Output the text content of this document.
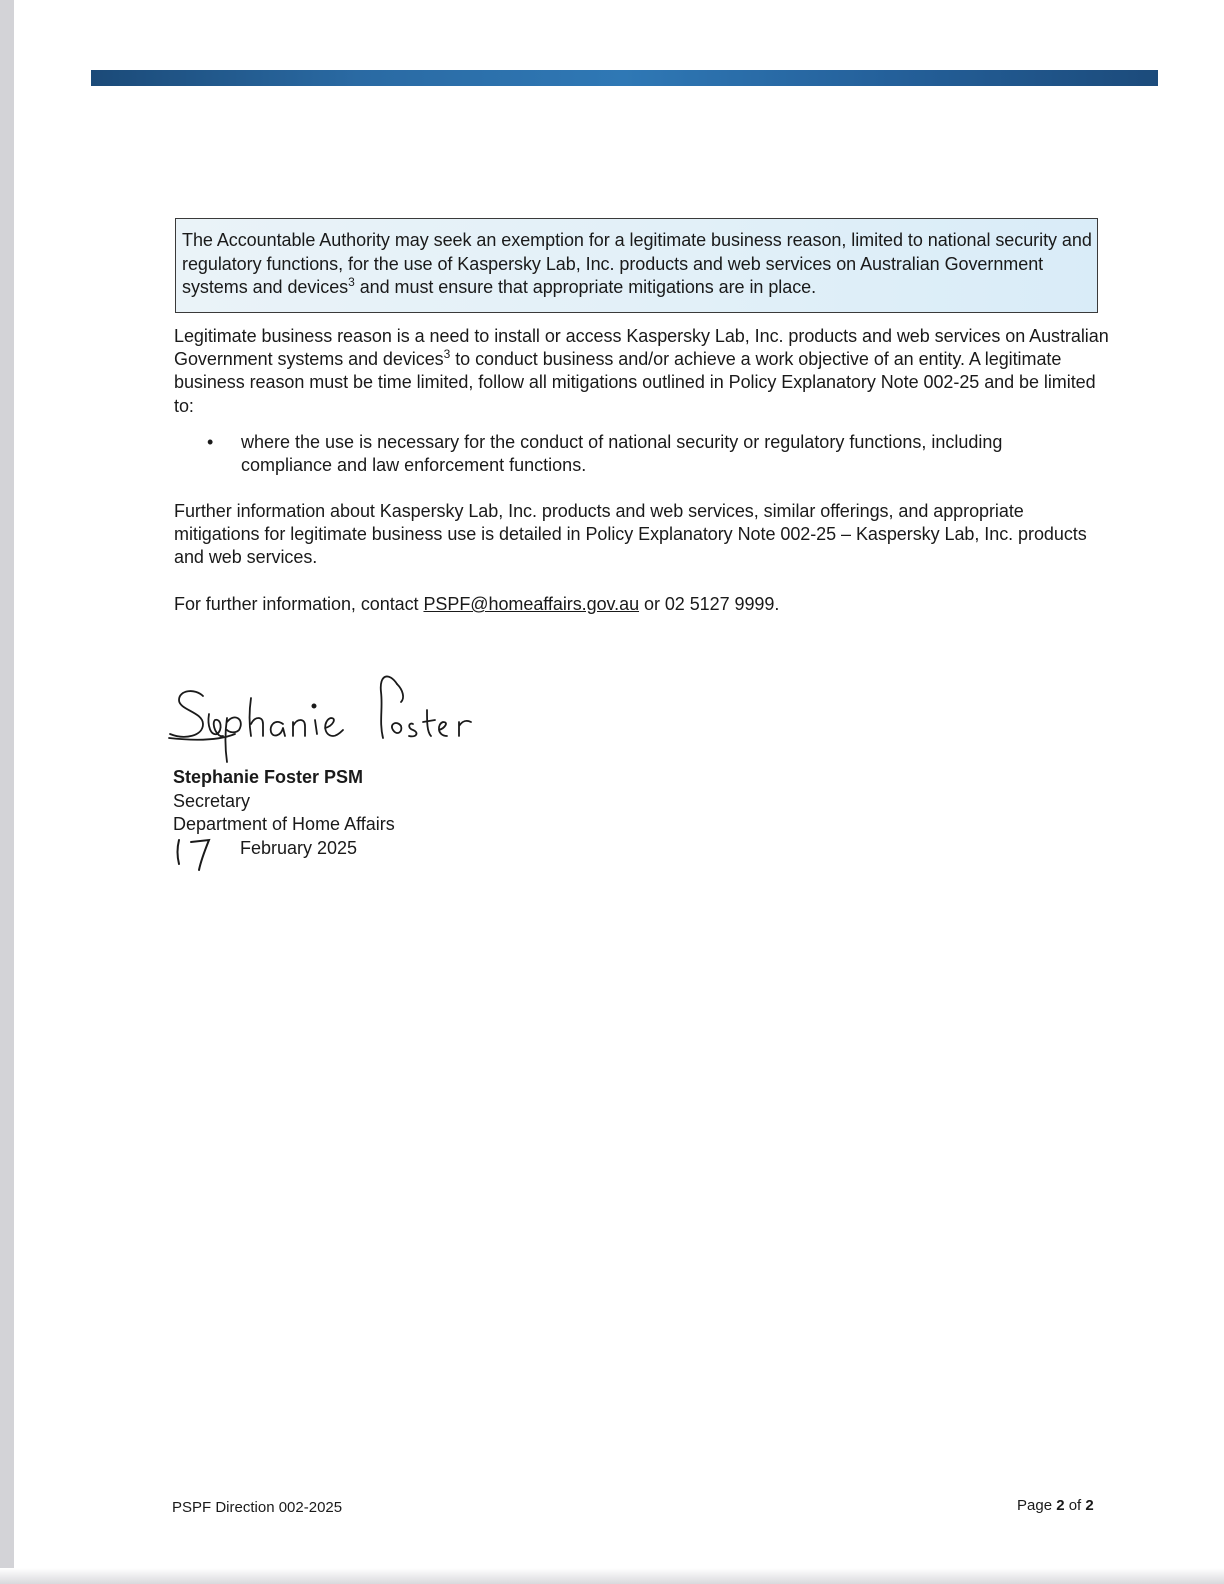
The Accountable Authority may seek an exemption for a legitimate business reason, limited to national security and regulatory functions, for the use of Kaspersky Lab, Inc. products and web services on Australian Government systems and devices$^3$ and must ensure that appropriate mitigations are in place.

Legitimate business reason is a need to install or access Kaspersky Lab, Inc. products and web services on Australian Government systems and devices$^3$ to conduct business and/or achieve a work objective of an entity. A legitimate business reason must be time limited, follow all mitigations outlined in Policy Explanatory Note 002-25 and be limited to:

• where the use is necessary for the conduct of national security or regulatory functions, including compliance and law enforcement functions.

Further information about Kaspersky Lab, Inc. products and web services, similar offerings, and appropriate mitigations for legitimate business use is detailed in Policy Explanatory Note 002-25 – Kaspersky Lab, Inc. products and web services.

For further information, contact PSPF@homeaffairs.gov.au or 02 5127 9999.

Stephanie Foster PSM
Secretary
Department of Home Affairs
February 2025
PSPF Direction 002-2025	Page 2 of 2
